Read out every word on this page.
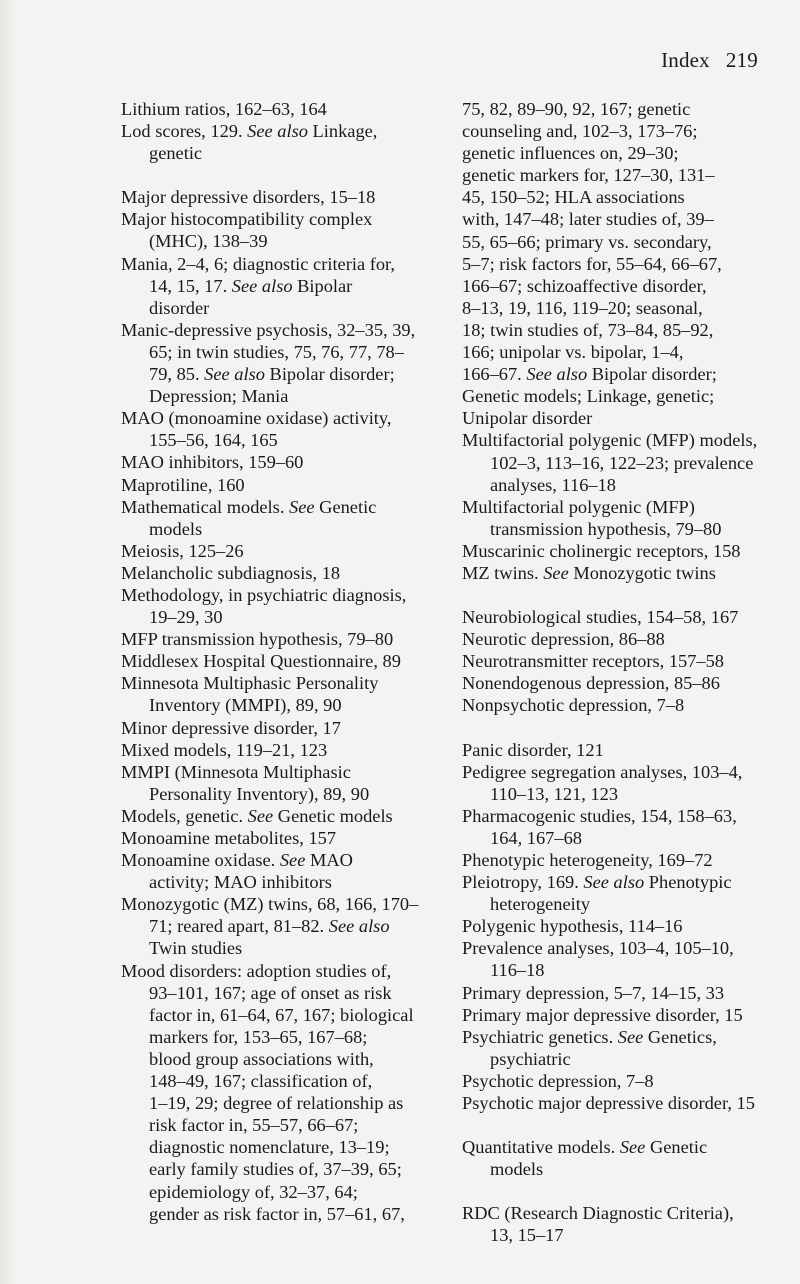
Index 219
Lithium ratios, 162–63, 164
Lod scores, 129. See also Linkage,
genetic
Major depressive disorders, 15–18
Major histocompatibility complex
(MHC), 138–39
Mania, 2–4, 6; diagnostic criteria for,
14, 15, 17. See also Bipolar
disorder
Manic-depressive psychosis, 32–35, 39,
65; in twin studies, 75, 76, 77, 78–
79, 85. See also Bipolar disorder;
Depression; Mania
MAO (monoamine oxidase) activity,
155–56, 164, 165
MAO inhibitors, 159–60
Maprotiline, 160
Mathematical models. See Genetic
models
Meiosis, 125–26
Melancholic subdiagnosis, 18
Methodology, in psychiatric diagnosis,
19–29, 30
MFP transmission hypothesis, 79–80
Middlesex Hospital Questionnaire, 89
Minnesota Multiphasic Personality
Inventory (MMPI), 89, 90
Minor depressive disorder, 17
Mixed models, 119–21, 123
MMPI (Minnesota Multiphasic
Personality Inventory), 89, 90
Models, genetic. See Genetic models
Monoamine metabolites, 157
Monoamine oxidase. See MAO
activity; MAO inhibitors
Monozygotic (MZ) twins, 68, 166, 170–
71; reared apart, 81–82. See also
Twin studies
Mood disorders: adoption studies of,
93–101, 167; age of onset as risk
factor in, 61–64, 67, 167; biological
markers for, 153–65, 167–68;
blood group associations with,
148–49, 167; classification of,
1–19, 29; degree of relationship as
risk factor in, 55–57, 66–67;
diagnostic nomenclature, 13–19;
early family studies of, 37–39, 65;
epidemiology of, 32–37, 64;
gender as risk factor in, 57–61, 67,
75, 82, 89–90, 92, 167; genetic
counseling and, 102–3, 173–76;
genetic influences on, 29–30;
genetic markers for, 127–30, 131–
45, 150–52; HLA associations
with, 147–48; later studies of, 39–
55, 65–66; primary vs. secondary,
5–7; risk factors for, 55–64, 66–67,
166–67; schizoaffective disorder,
8–13, 19, 116, 119–20; seasonal,
18; twin studies of, 73–84, 85–92,
166; unipolar vs. bipolar, 1–4,
166–67. See also Bipolar disorder;
Genetic models; Linkage, genetic;
Unipolar disorder
Multifactorial polygenic (MFP) models,
102–3, 113–16, 122–23; prevalence
analyses, 116–18
Multifactorial polygenic (MFP)
transmission hypothesis, 79–80
Muscarinic cholinergic receptors, 158
MZ twins. See Monozygotic twins
Neurobiological studies, 154–58, 167
Neurotic depression, 86–88
Neurotransmitter receptors, 157–58
Nonendogenous depression, 85–86
Nonpsychotic depression, 7–8
Panic disorder, 121
Pedigree segregation analyses, 103–4,
110–13, 121, 123
Pharmacogenic studies, 154, 158–63,
164, 167–68
Phenotypic heterogeneity, 169–72
Pleiotropy, 169. See also Phenotypic
heterogeneity
Polygenic hypothesis, 114–16
Prevalence analyses, 103–4, 105–10,
116–18
Primary depression, 5–7, 14–15, 33
Primary major depressive disorder, 15
Psychiatric genetics. See Genetics,
psychiatric
Psychotic depression, 7–8
Psychotic major depressive disorder, 15
Quantitative models. See Genetic
models
RDC (Research Diagnostic Criteria),
13, 15–17
